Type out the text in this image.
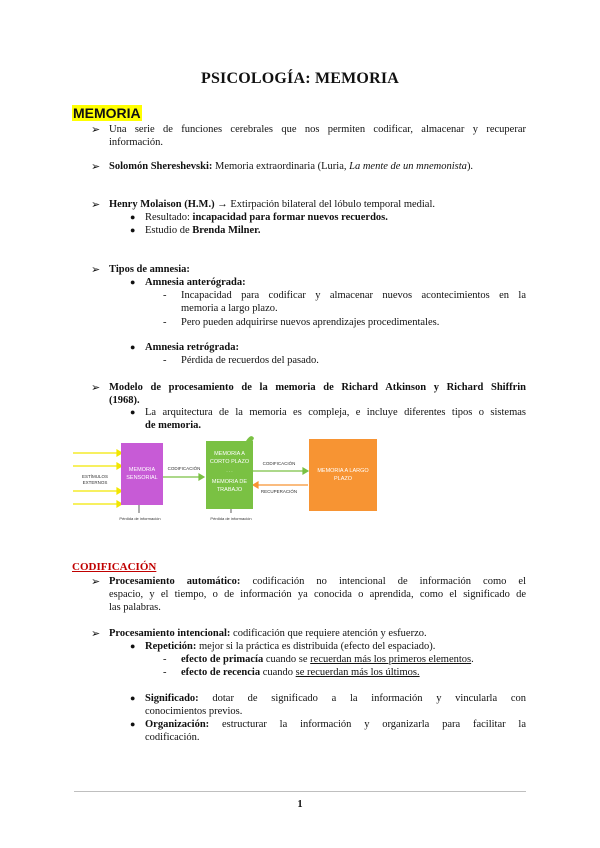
PSICOLOGÍA: MEMORIA
MEMORIA
➢ Una serie de funciones cerebrales que nos permiten codificar, almacenar y recuperar
información.
➢ Solomón Shereshevski: Memoria extraordinaria (Luria, La mente de un mnemonista).
➢ Henry Molaison (H.M.) → Extirpación bilateral del lóbulo temporal medial.
● Resultado: incapacidad para formar nuevos recuerdos.
● Estudio de Brenda Milner.
➢ Tipos de amnesia:
● Amnesia anterógrada:
- Incapacidad para codificar y almacenar nuevos acontecimientos en la
memoria a largo plazo.
- Pero pueden adquirirse nuevos aprendizajes procedimentales.
● Amnesia retrógrada:
- Pérdida de recuerdos del pasado.
➢ Modelo de procesamiento de la memoria de Richard Atkinson y Richard Shiffrin
(1968).
● La arquitectura de la memoria es compleja, e incluye diferentes tipos o sistemas
de memoria.
ESTÍMULOS EXTERNOS
MEMORIA SENSORIAL
CODIFICACIÓN
MEMORIA A CORTO PLAZO
- - -
MEMORIA DE TRABAJO
CODIFICACIÓN
RECUPERACIÓN
MEMORIA A LARGO PLAZO
Pérdida de información	Pérdida de información
CODIFICACIÓN
➢ Procesamiento automático: codificación no intencional de información como el
espacio, y el tiempo, o de información ya conocida o aprendida, como el significado de
las palabras.
➢ Procesamiento intencional: codificación que requiere atención y esfuerzo.
● Repetición: mejor si la práctica es distribuida (efecto del espaciado).
- efecto de primacía cuando se recuerdan más los primeros elementos.
- efecto de recencia cuando se recuerdan más los últimos.
● Significado: dotar de significado a la información y vincularla con
conocimientos previos.
● Organización: estructurar la información y organizarla para facilitar la
codificación.
1
